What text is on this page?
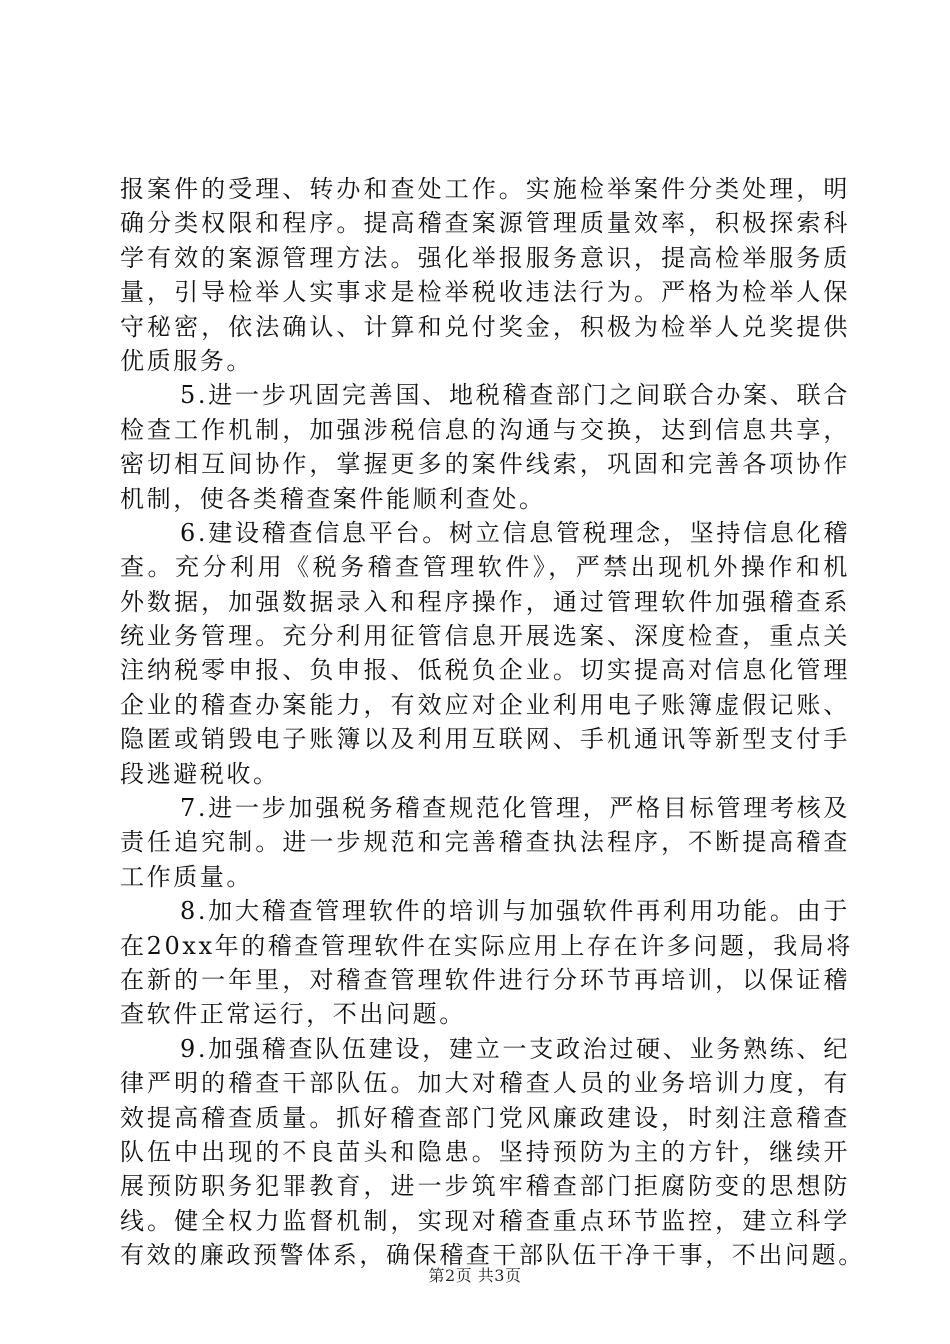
报案件的受理、转办和查处工作。实施检举案件分类处理，明
确分类权限和程序。提高稽查案源管理质量效率，积极探索科
学有效的案源管理方法。强化举报服务意识，提高检举服务质
量，引导检举人实事求是检举税收违法行为。严格为检举人保
守秘密，依法确认、计算和兑付奖金，积极为检举人兑奖提供
优质服务。
5.进一步巩固完善国、地税稽查部门之间联合办案、联合
检查工作机制，加强涉税信息的沟通与交换，达到信息共享，
密切相互间协作，掌握更多的案件线索，巩固和完善各项协作
机制，使各类稽查案件能顺利查处。
6.建设稽查信息平台。树立信息管税理念，坚持信息化稽
查。充分利用《税务稽查管理软件》，严禁出现机外操作和机
外数据，加强数据录入和程序操作，通过管理软件加强稽查系
统业务管理。充分利用征管信息开展选案、深度检查，重点关
注纳税零申报、负申报、低税负企业。切实提高对信息化管理
企业的稽查办案能力，有效应对企业利用电子账簿虚假记账、
隐匿或销毁电子账簿以及利用互联网、手机通讯等新型支付手
段逃避税收。
7.进一步加强税务稽查规范化管理，严格目标管理考核及
责任追究制。进一步规范和完善稽查执法程序，不断提高稽查
工作质量。
8.加大稽查管理软件的培训与加强软件再利用功能。由于
在20xx年的稽查管理软件在实际应用上存在许多问题，我局将
在新的一年里，对稽查管理软件进行分环节再培训，以保证稽
查软件正常运行，不出问题。
9.加强稽查队伍建设，建立一支政治过硬、业务熟练、纪
律严明的稽查干部队伍。加大对稽查人员的业务培训力度，有
效提高稽查质量。抓好稽查部门党风廉政建设，时刻注意稽查
队伍中出现的不良苗头和隐患。坚持预防为主的方针，继续开
展预防职务犯罪教育，进一步筑牢稽查部门拒腐防变的思想防
线。健全权力监督机制，实现对稽查重点环节监控，建立科学
有效的廉政预警体系，确保稽查干部队伍干净干事，不出问题。
第2页 共3页
